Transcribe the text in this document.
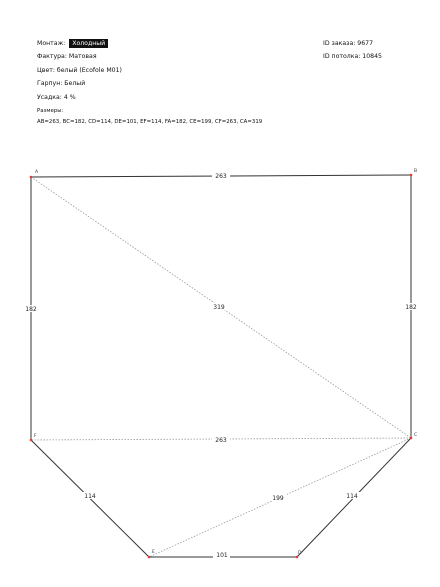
Монтаж: Холодный
Фактура: Матовая
Цвет: белый (Ecofole M01)
Гарпун: Белый
Усадка: 4 %
Размеры:
AB=263, BC=182, CD=114, DE=101, EF=114, FA=182, CE=199, CF=263, CA=319
ID заказа: 9677
ID потолка: 10845
263
182
182	319
263
114	114
199
101
A	B
C
D
E
F
